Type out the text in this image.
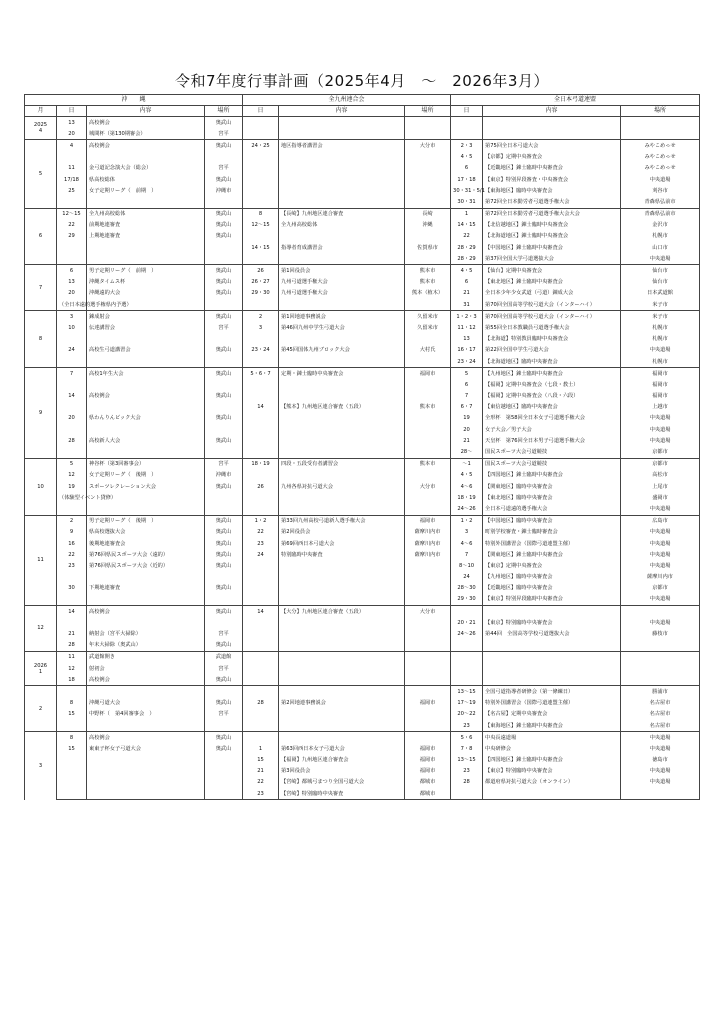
令和7年度行事計画（2025年4月　～　2026年3月）
沖　　縄				全九州連合会			全日本弓道連盟		
月	日	内容	場所	日	内容	場所	日	内容	場所
2025
4	13	高校例会	奥武山						
	20	城間杯（第130期審会）	宮平						
5	4	高校例会	奥武山	24・25	地区指導者講習会	大分市	2・3	第75回全日本弓道大会	みやこめっせ
							4・5	【京都】定期中央審査会	みやこめっせ
	11	金弓道記念演大会（総会）	宮平				6	【近畿地区】錬士臨時中央審査会	みやこめっせ
	17/18	県高校総体	奥武山				17・18	【東京】特別昇段審査・中央審査会	中央道場
	25	女子定期リーグ（　前期　）	沖縄市				30・31・5/1	【東海地区】臨時中央審査会	刈谷市
							30・31	第72回全日本勤労者弓道選手権大会	青森県弘前市
6	12〜15	全九州高校総体	奥武山	8	【長崎】九州地区連合審査	長崎	1	第72回全日本勤労者弓道選手権大会大会	青森県弘前市
	22	前期地連審査	奥武山	12〜15	全九州高校総体	沖縄	14・15	【北信越地区】錬士臨時中央審査会	金沢市
	29	上期地連審査	奥武山				22	【北海道地区】錬士臨時中央審査会	札幌市
				14・15	指導者育成講習会	佐賀県市	28・29	【中国地区】錬士臨時中央審査会	山口市
							28・29	第37回全国大学弓道選抜大会	中央道場
7	6	男子定期リーグ（　前期　）	奥武山	26	第1回役員会	熊本市	4・5	【仙台】定期中央審査会	仙台市
	13	沖縄タイムス杯	奥武山	26・27	九州弓道選手権大会	熊本市	6	【東北地区】錬士臨時中央審査会	仙台市
	20	沖縄遠的大会	奥武山	29・30	九州弓道選手権大会	熊本（植木）	21	全日本少年少女武道（弓道）錬成大会	日本武道館
	（全日本遠的選手権県内予選）						31	第70回全国高等学校弓道大会（インターハイ）	米子市
8	3	錬成射会	奥武山	2	第1回地連事務説会	久留米市	1・2・3	第70回全国高等学校弓道大会（インターハイ）	米子市
	10	伝達講習会	宮平	3	第46回九州中学生弓道大会	久留米市	11・12	第55回全日本教職員弓道選手権大会	札幌市
							13	【北海道】特別教員臨時中央審査会	札幌市
	24	高校生弓道講習会	奥武山	23・24	第45回国体九州ブロック大会	大村氏	16・17	第22回全国中学生弓道大会	中央道場
							23・24	【北海道地区】臨時中央審査会	札幌市
9	7	高校1年生大会	奥武山	5・6・7	定期・錬士臨時中央審査会	福岡市	5	【九州地区】錬士臨時中央審査会	福岡市
							6	【福岡】定期中央審査会（七段・教士）	福岡市
	14	高校例会	奥武山				7	【福岡】定期中央審査会（八段・六段）	福岡市
				14	【熊本】九州地区連合審査（五段）	熊本市	6・7	【東信越地区】臨時中央審査会	上越市
	20	県わんりんピック大会	奥武山				19	全形杯　第58回全日本女子弓道選手権大会	中央道場
							20	女子大会／男子大会	中央道場
	28	高校新人大会	奥武山				21	天皇杯　第76回全日本男子弓道選手権大会	中央道場
							28〜	国民スポーツ大会弓道競技	京都市
10	5	神谷杯（第3回審事会）	宮平	18・19	四段・五段受有者講習会	熊本市	〜1	国民スポーツ大会弓道競技	京都市
	12	女子定期リーグ（　後期　）	沖縄市				4・5	【四国地区】錬士臨時中央審査会	高松市
	19	スポーツレクレーション大会	奥武山	26	九州各県対抗弓道大会	大分市	4〜6	【関東地区】臨時中央審査会	上尾市
	（体験型イベント貸修）						18・19	【東北地区】臨時中央審査会	盛岡市
							24〜26	全日本弓道遠的選手権大会	中央道場
11	2	男子定期リーグ（　後期　）	奥武山	1・2	第33回九州高校弓道新人選手権大会	福岡市	1・2	【中国地区】臨時中央審査会	広島市
	9	県高校選抜大会	奥武山	22	第2回役員会	薩摩川内市	3	町別学校審査・錬士臨時審査会	中央道場
	16	後期地連審査会	奥武山	23	第69回西日本弓道大会	薩摩川内市	4〜6	特別外国講習会（国際弓道連盟主催）	中央道場
	22	第76回県民スポーツ大会（遠的）	奥武山	24	特別臨時中央審査	薩摩川内市	7	【関東地区】錬士臨時中央審査会	中央道場
	23	第76回県民スポーツ大会（近的）	奥武山				8〜10	【東京】定期中央審査会	中央道場
							24	【九州地区】臨時中央審査会	薩摩川内市
	30	下期地連審査	奥武山				28〜30	【近畿地区】臨時中央審査会	京都市
							29・30	【東京】特別昇段臨時中央審査会	中央道場
12	14	高校例会	奥武山	14	【大分】九州地区連合審査（五段）	大分市			
							20・21	【東京】特別臨時中央審査会	中央道場
	21	納射会（宮平大掃除）	宮平				24〜26	第44回　全国高等学校弓道選抜大会	藤枝市
	28	年末大掃除（奥武山）	奥武山						
2026
1	11	武道館開き	武道館						
	12	射初会	宮平						
	18	高校例会	奥武山						
2							13〜15	全国弓道指導者研修会（第一條練日）	勝浦市
	8	沖縄弓道大会	奥武山	28	第2回地連事務説会	福岡市	17〜19	特別外国講習会（国際弓道連盟主催）	名古屋市
	15	中野杯（　第4回審事会　）	宮平				20〜22	【名古屋】定期中央審査会	名古屋市
							23	【東海地区】錬士臨時中央審査会	名古屋市
3	8	高校例会	奥武山				5・6	中央長遠道場	中央道場
	15	東東子杯女子弓道大会	奥武山	1	第63回西日本女子弓道大会	福岡市	7・8	中央研修会	中央道場
				15	【福岡】九州地区連合審査会	福岡市	13〜15	【四国地区】錬士臨時中央審査会	徳島市
				21	第3回役員会	福岡市	23	【東京】特別臨時中央審査会	中央道場
				22	【宮崎】都城弓まつり全国弓道大会	都城市	28	都道府県対抗弓道大会（オンライン）	中央道場
				23	【宮崎】特別臨時中央審査	都城市			
